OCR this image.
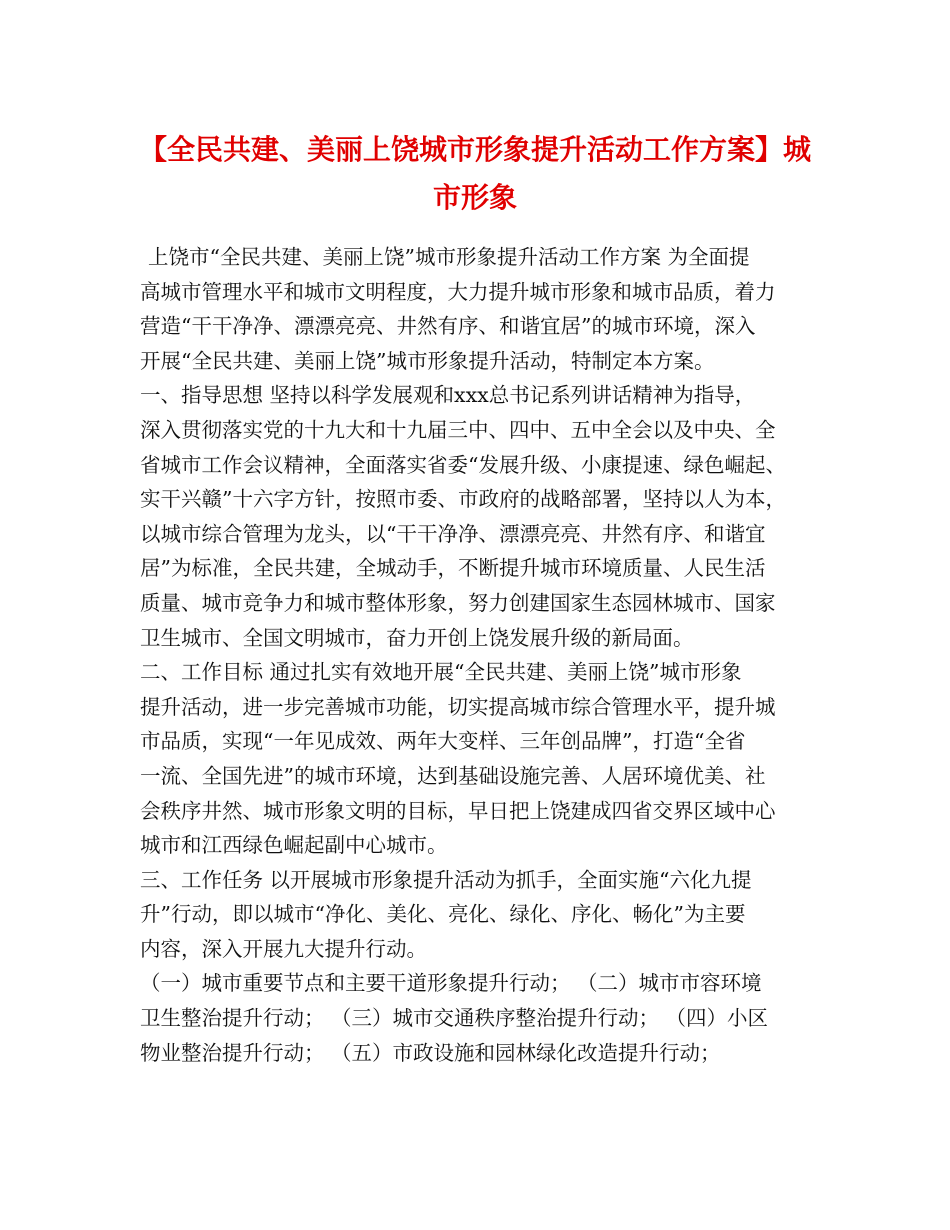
【全民共建、美丽上饶城市形象提升活动工作方案】城
市形象
上饶市“全民共建、美丽上饶”城市形象提升活动工作方案 为全面提
高城市管理水平和城市文明程度，大力提升城市形象和城市品质，着力
营造“干干净净、漂漂亮亮、井然有序、和谐宜居”的城市环境，深入
开展“全民共建、美丽上饶”城市形象提升活动，特制定本方案。
一、指导思想 坚持以科学发展观和xxx总书记系列讲话精神为指导，
深入贯彻落实党的十九大和十九届三中、四中、五中全会以及中央、全
省城市工作会议精神，全面落实省委“发展升级、小康提速、绿色崛起、
实干兴赣”十六字方针，按照市委、市政府的战略部署，坚持以人为本，
以城市综合管理为龙头，以“干干净净、漂漂亮亮、井然有序、和谐宜
居”为标准，全民共建，全城动手，不断提升城市环境质量、人民生活
质量、城市竞争力和城市整体形象，努力创建国家生态园林城市、国家
卫生城市、全国文明城市，奋力开创上饶发展升级的新局面。
二、工作目标 通过扎实有效地开展“全民共建、美丽上饶”城市形象
提升活动，进一步完善城市功能，切实提高城市综合管理水平，提升城
市品质，实现“一年见成效、两年大变样、三年创品牌”，打造“全省
一流、全国先进”的城市环境，达到基础设施完善、人居环境优美、社
会秩序井然、城市形象文明的目标，早日把上饶建成四省交界区域中心
城市和江西绿色崛起副中心城市。
三、工作任务 以开展城市形象提升活动为抓手，全面实施“六化九提
升”行动，即以城市“净化、美化、亮化、绿化、序化、畅化”为主要
内容，深入开展九大提升行动。
（一）城市重要节点和主要干道形象提升行动； （二）城市市容环境
卫生整治提升行动； （三）城市交通秩序整治提升行动； （四）小区
物业整治提升行动； （五）市政设施和园林绿化改造提升行动；
